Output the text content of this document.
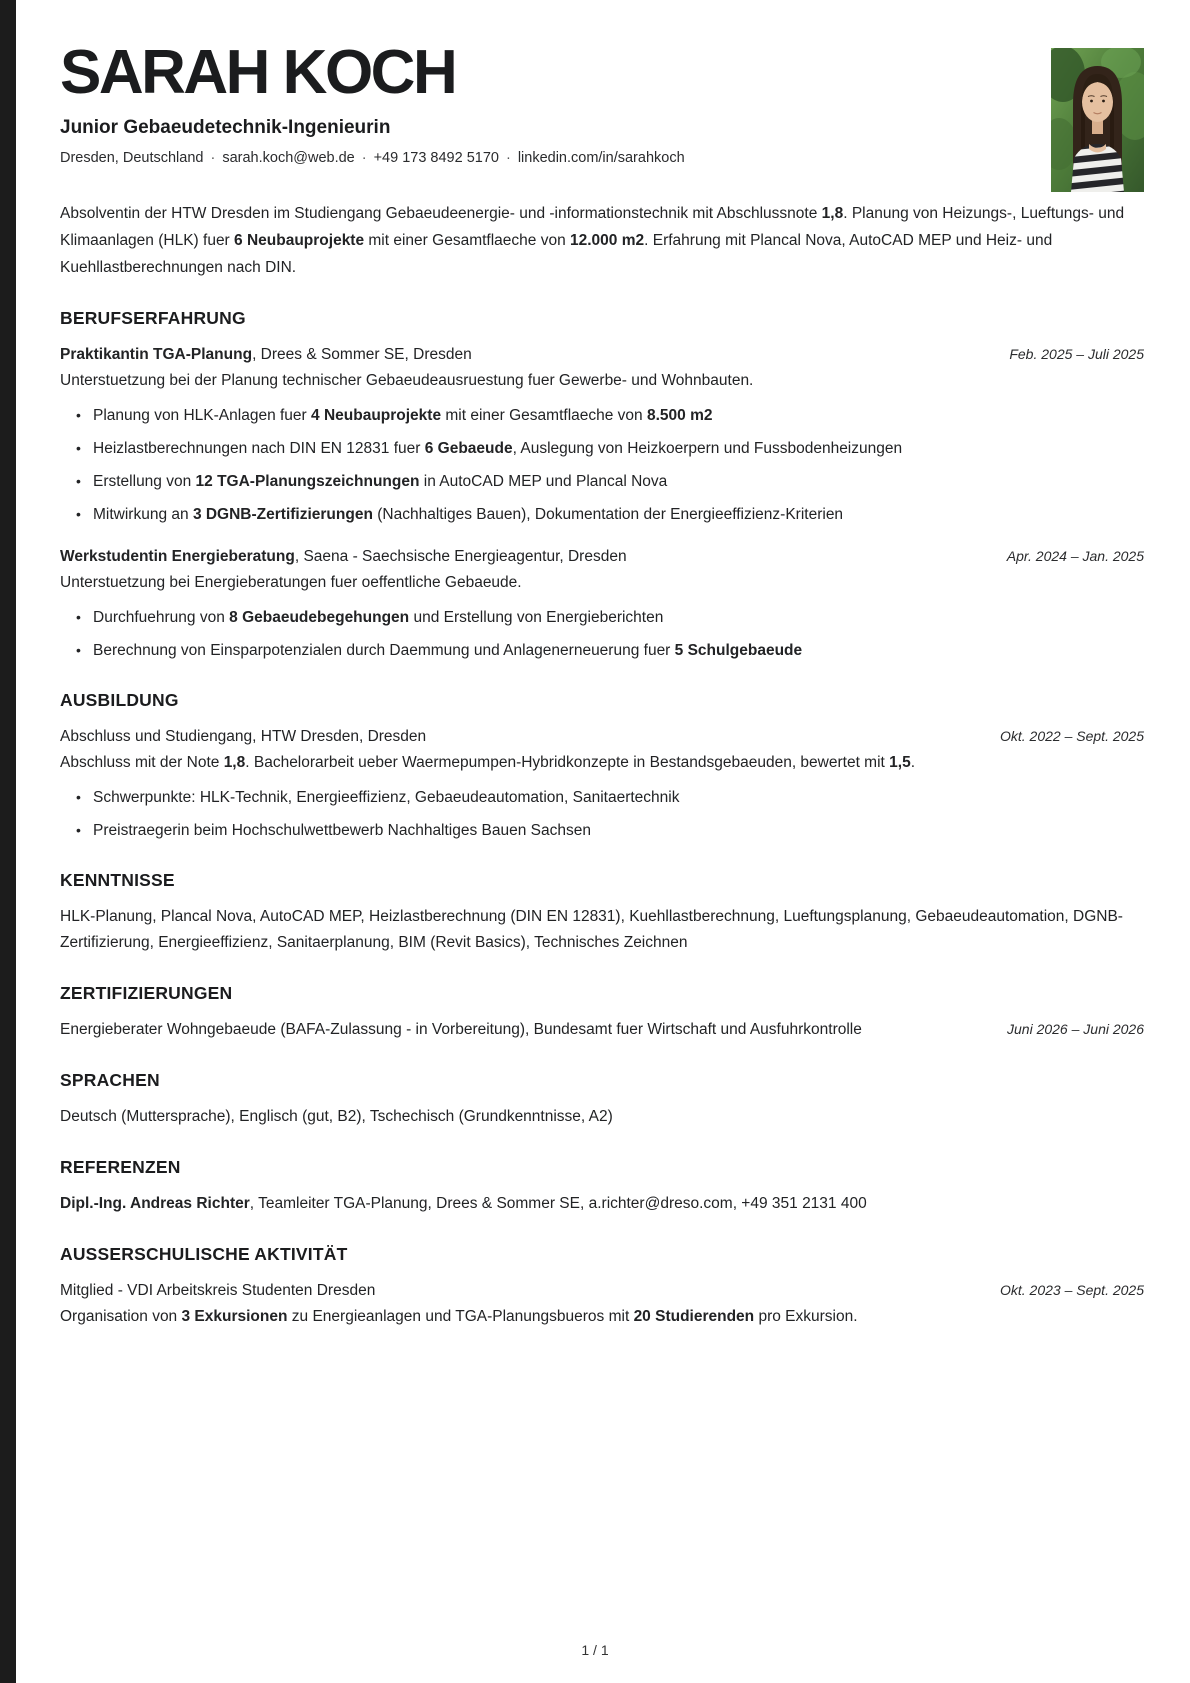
SARAH KOCH
Junior Gebaeudetechnik-Ingenieurin
Dresden, Deutschland · sarah.koch@web.de · +49 173 8492 5170 · linkedin.com/in/sarahkoch

Absolventin der HTW Dresden im Studiengang Gebaeudeenergie- und -informationstechnik mit Abschlussnote 1,8. Planung von Heizungs-, Lueftungs- und Klimaanlagen (HLK) fuer 6 Neubauprojekte mit einer Gesamtflaeche von 12.000 m2. Erfahrung mit Plancal Nova, AutoCAD MEP und Heiz- und Kuehllastberechnungen nach DIN.

BERUFSERFAHRUNG
Praktikantin TGA-Planung, Drees & Sommer SE, Dresden	Feb. 2025 – Juli 2025
Unterstuetzung bei der Planung technischer Gebaeudeausruestung fuer Gewerbe- und Wohnbauten.
• Planung von HLK-Anlagen fuer 4 Neubauprojekte mit einer Gesamtflaeche von 8.500 m2
• Heizlastberechnungen nach DIN EN 12831 fuer 6 Gebaeude, Auslegung von Heizkoerpern und Fussbodenheizungen
• Erstellung von 12 TGA-Planungszeichnungen in AutoCAD MEP und Plancal Nova
• Mitwirkung an 3 DGNB-Zertifizierungen (Nachhaltiges Bauen), Dokumentation der Energieeffizienz-Kriterien
Werkstudentin Energieberatung, Saena - Saechsische Energieagentur, Dresden	Apr. 2024 – Jan. 2025
Unterstuetzung bei Energieberatungen fuer oeffentliche Gebaeude.
• Durchfuehrung von 8 Gebaeudebegehungen und Erstellung von Energieberichten
• Berechnung von Einsparpotenzialen durch Daemmung und Anlagenerneuerung fuer 5 Schulgebaeude
AUSBILDUNG
Abschluss und Studiengang, HTW Dresden, Dresden	Okt. 2022 – Sept. 2025
Abschluss mit der Note 1,8. Bachelorarbeit ueber Waermepumpen-Hybridkonzepte in Bestandsgebaeuden, bewertet mit 1,5.
• Schwerpunkte: HLK-Technik, Energieeffizienz, Gebaeudeautomation, Sanitaertechnik
• Preistraegerin beim Hochschulwettbewerb Nachhaltiges Bauen Sachsen
KENNTNISSE

HLK-Planung, Plancal Nova, AutoCAD MEP, Heizlastberechnung (DIN EN 12831), Kuehllastberechnung, Lueftungsplanung, Gebaeudeautomation, DGNB-Zertifizierung, Energieeffizienz, Sanitaerplanung, BIM (Revit Basics), Technisches Zeichnen

ZERTIFIZIERUNGEN
Energieberater Wohngebaeude (BAFA-Zulassung - in Vorbereitung), Bundesamt fuer Wirtschaft und Ausfuhrkontrolle	Juni 2026 – Juni 2026
SPRACHEN

Deutsch (Muttersprache), Englisch (gut, B2), Tschechisch (Grundkenntnisse, A2)

REFERENZEN

Dipl.-Ing. Andreas Richter, Teamleiter TGA-Planung, Drees & Sommer SE, a.richter@dreso.com, +49 351 2131 400

AUSSERSCHULISCHE AKTIVITÄT
Mitglied - VDI Arbeitskreis Studenten Dresden	Okt. 2023 – Sept. 2025

Organisation von 3 Exkursionen zu Energieanlagen und TGA-Planungsbueros mit 20 Studierenden pro Exkursion.

1 / 1
